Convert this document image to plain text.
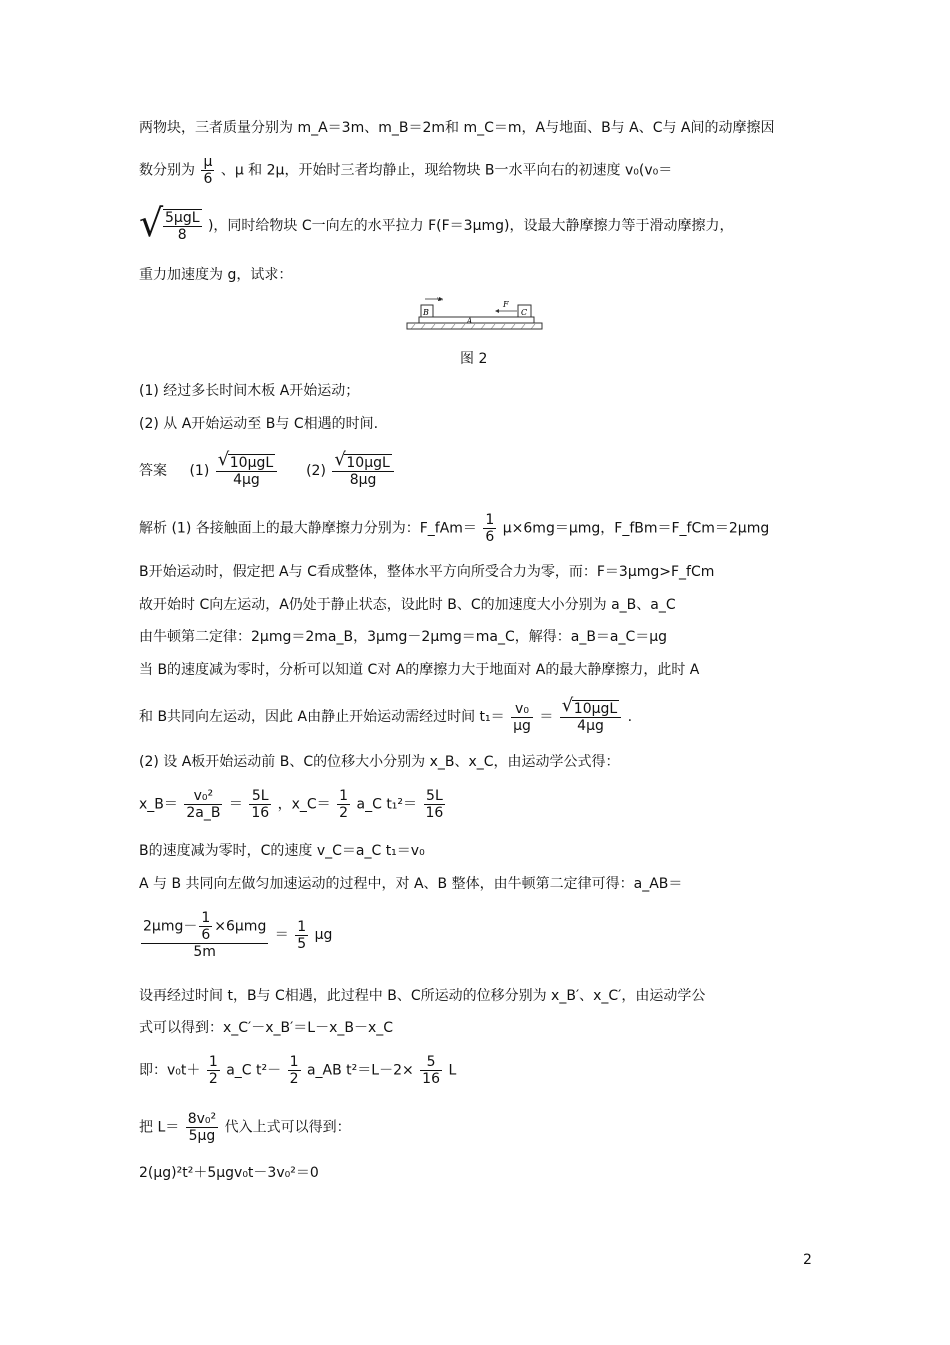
两物块，三者质量分别为 m_A＝3m、m_B＝2m和 m_C＝m，A与地面、B与 A、C与 A间的动摩擦因
数分别为 $\frac{\mu}{6}$ 、μ 和 2μ，开始时三者均静止，现给物块 B一水平向右的初速度 v₀(v₀＝
√ $\frac{\text{5μgL}}{8}$ )，同时给物块 C一向左的水平拉力 F(F＝3μmg)，设最大静摩擦力等于滑动摩擦力，
重力加速度为 g，试求：
B	C
A
v₀
F
图 2
(1) 经过多长时间木板 A开始运动；
(2) 从 A开始运动至 B与 C相遇的时间.
答案 $(1) \frac{\text{√ 10μgL}}{4\mu g} (2) \frac{\text{√ 10μgL}}{8\mu g}$
解析 (1) 各接触面上的最大静摩擦力分别为：F_fAm＝ $\frac{1}{6} \mu\times 6mg=\mu mg$，F_fBm＝F_fCm＝2μmg
B开始运动时，假定把 A与 C看成整体，整体水平方向所受合力为零，而：F＝3μmg>F_fCm
故开始时 C向左运动，A仍处于静止状态，设此时 B、C的加速度大小分别为 a_B、a_C
由牛顿第二定律：2μmg＝2ma_B，3μmg－2μmg＝ma_C，解得：a_B＝a_C＝μg
当 B的速度减为零时，分析可以知道 C对 A的摩擦力大于地面对 A的最大静摩擦力，此时 A
和 B共同向左运动，因此 A由静止开始运动需经过时间 $t_1= \frac{\text{v₀}}{\mu g} = \frac{\text{√ 10μgL}}{4\mu g}$ .
(2) 设 A板开始运动前 B、C的位移大小分别为 x_B、x_C，由运动学公式得：
x_B＝ $\frac{\text{v₀²}}{2a\_B} = \frac{5L}{16}$ ，x_C＝ $\frac{1}{2}$ a_C $t_1^2= \frac{5L}{16}$
B的速度减为零时，C的速度 v_C＝a_C t₁＝v₀
A 与 B 共同向左做匀加速运动的过程中，对 A、B 整体，由牛顿第二定律可得：a_AB＝
$\frac{2\mu mg- \frac{1}{6} \times 6\mu mg}{5m} = \frac{1}{5}$ μg
设再经过时间 t，B与 C相遇，此过程中 B、C所运动的位移分别为 x_B′、x_C′，由运动学公
式可以得到：x_C′－x_B′＝L－x_B－x_C
即：$v_0t+ \frac{1}{2}$ a_C $t^2- \frac{1}{2}$ a_AB $t^2=L-2\times \frac{5}{16}$ L
把 $L= \frac{\text{8v₀²}}{5\mu g}$ 代入上式可以得到：
2(μg)²t²＋5μgv₀t－3v₀²＝0
2
